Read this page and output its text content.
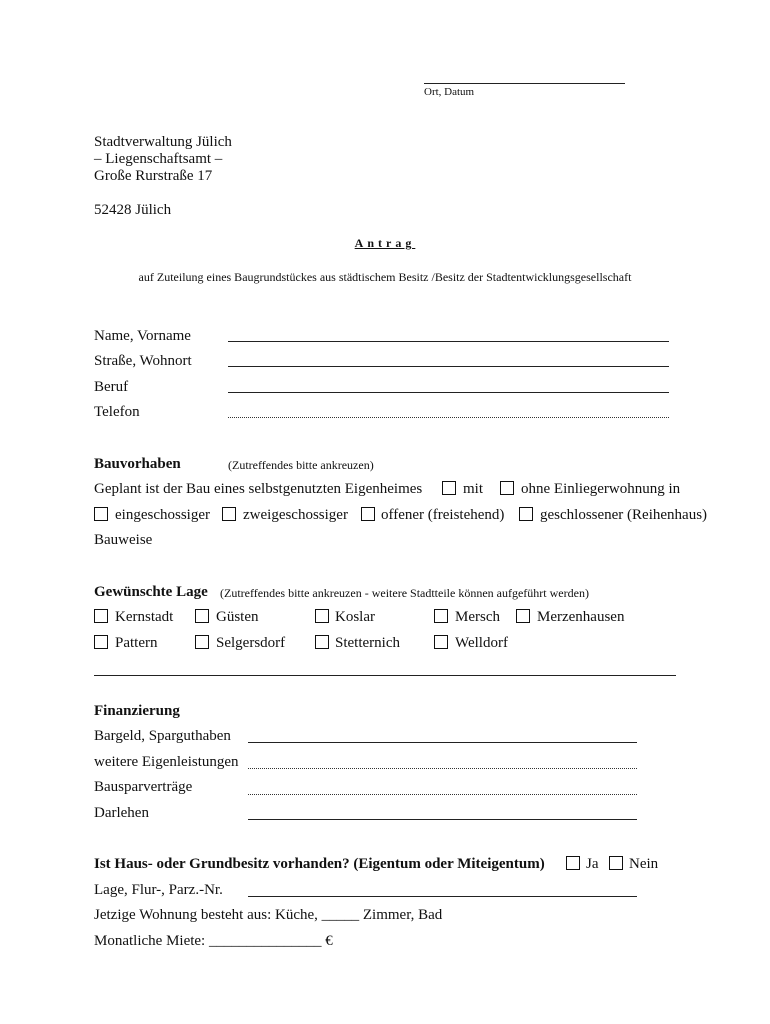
Ort, Datum
Stadtverwaltung Jülich
– Liegenschaftsamt –
Große Rurstraße 17
52428 Jülich
Antrag
auf Zuteilung eines Baugrundstückes aus städtischem Besitz /Besitz der Stadtentwicklungsgesellschaft
Name, Vorname
Straße, Wohnort
Beruf
Telefon
Bauvorhaben	(Zutreffendes bitte ankreuzen)
Geplant ist der Bau eines selbstgenutzten Eigenheimes	mit	ohne Einliegerwohnung in
eingeschossiger zweigeschossiger offener (freistehend) geschlossener (Reihenhaus)
Bauweise
Gewünschte Lage (Zutreffendes bitte ankreuzen - weitere Stadtteile können aufgeführt werden)
Kernstadt	Güsten	Koslar	Mersch Merzenhausen
Pattern	Selgersdorf	Stetternich	Welldorf
Finanzierung
Bargeld, Sparguthaben
weitere Eigenleistungen
Bausparverträge
Darlehen
Ist Haus- oder Grundbesitz vorhanden? (Eigentum oder Miteigentum)	Ja Nein
Lage, Flur-, Parz.-Nr.
Jetzige Wohnung besteht aus: Küche, _____ Zimmer, Bad
Monatliche Miete: _______________ €
